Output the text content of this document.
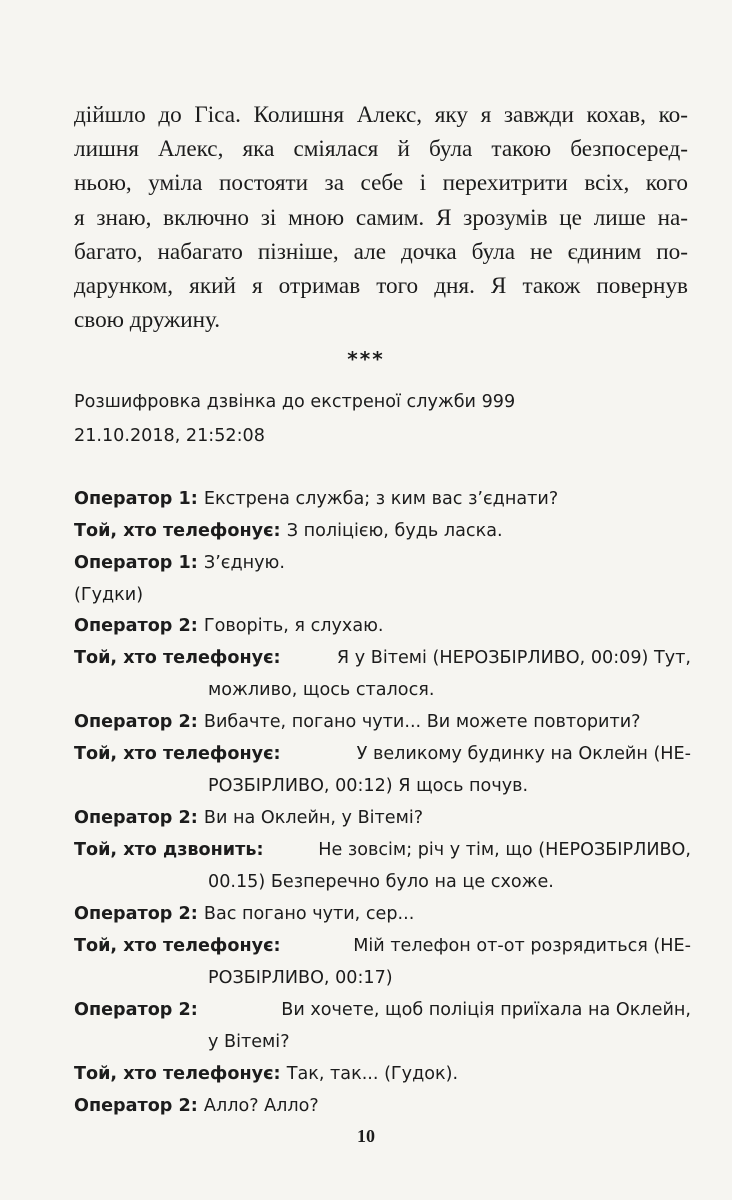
дійшло до Гіса. Колишня Алекс, яку я завжди кохав, ко-
лишня Алекс, яка сміялася й була такою безпосеред-
ньою, уміла постояти за себе і перехитрити всіх, кого
я знаю, включно зі мною самим. Я зрозумів це лише на-
багато, набагато пізніше, але дочка була не єдиним по-
дарунком, який я отримав того дня. Я також повернув
свою дружину.
***
Розшифровка дзвінка до екстреної служби 999
21.10.2018, 21:52:08
Оператор 1: Екстрена служба; з ким вас з’єднати?
Той, хто телефонує: З поліцією, будь ласка.
Оператор 1: З’єдную.
(Гудки)
Оператор 2: Говоріть, я слухаю.
Той, хто телефонує:	Я у Вітемі (НЕРОЗБІРЛИВО, 00:09) Тут,
можливо, щось сталося.
Оператор 2: Вибачте, погано чути... Ви можете повторити?
Той, хто телефонує:	У великому будинку на Оклейн (НЕ-
РОЗБІРЛИВО, 00:12) Я щось почув.
Оператор 2: Ви на Оклейн, у Вітемі?
Той, хто дзвонить:	Не зовсім; річ у тім, що (НЕРОЗБІРЛИВО,
00.15) Безперечно було на це схоже.
Оператор 2: Вас погано чути, сер...
Той, хто телефонує:	Мій телефон от-от розрядиться (НЕ-
РОЗБІРЛИВО, 00:17)
Оператор 2:	Ви хочете, щоб поліція приїхала на Оклейн,
у Вітемі?
Той, хто телефонує: Так, так... (Гудок).
Оператор 2: Алло? Алло?
10
